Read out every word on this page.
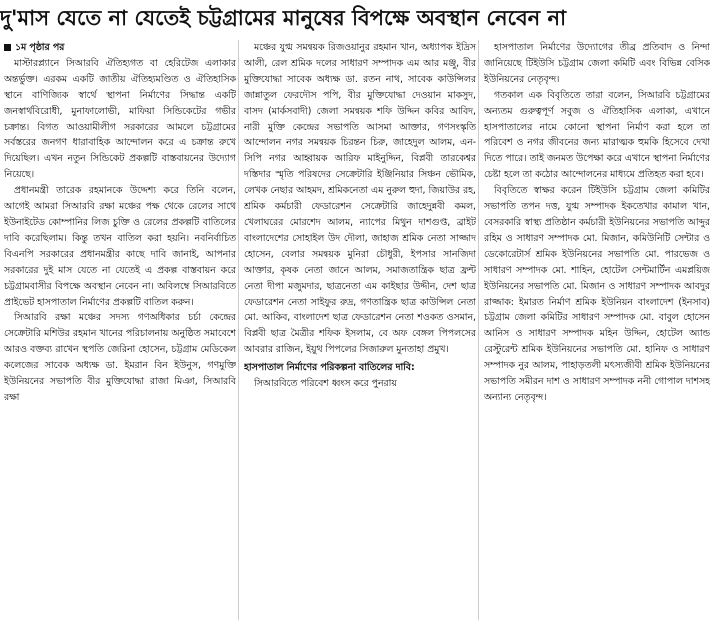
দু'মাস যেতে না যেতেই চট্টগ্রামের মানুষের বিপক্ষে অবস্থান নেবেন না

১ম পৃষ্ঠার পর

মাস্টারপ্ল্যানে সিআরবি ঐতিহ্যগত বা হেরিটেজ এলাকার অন্তর্ভুক্ত। এরকম একটি জাতীয় ঐতিহ্যমণ্ডিত ও ঐতিহাসিক স্থানে বাণিজ্যিক স্বার্থে স্থাপনা নির্মাণের সিদ্ধান্ত একটি জনস্বার্থবিরোধী, মুনাফালোভী, মাফিয়া সিন্ডিকেটের গভীর চক্রান্ত। বিগত আওয়ামীলীগ সরকারের আমলে চট্টগ্রামের সর্বস্তরের জনগণ ধারাবাহিক আন্দোলন করে এ চক্রান্ত রুখে দিয়েছিল। এখন নতুন সিন্ডিকেট প্রকল্পটি বাস্তবায়নের উদ্যোগ নিয়েছে।

প্রধানমন্ত্রী তারেক রহমানকে উদ্দেশ্য করে তিনি বলেন, আগেই আমরা সিআরবি রক্ষা মঞ্চের পক্ষ থেকে রেলের সাথে ইউনাইটেড কোম্পানির লিজ চুক্তি ও রেলের প্রকল্পটি বাতিলের দাবি করেছিলাম। কিন্তু তখন বাতিল করা হয়নি। নবনির্বাচিত বিএনপি সরকারের প্রধানমন্ত্রীর কাছে দাবি জানাই, আপনার সরকারের দুই মাস যেতে না যেতেই এ প্রকল্প বাস্তবায়ন করে চট্টগ্রামবাসীর বিপক্ষে অবস্থান নেবেন না। অবিলম্বে সিআরবিতে প্রাইভেট হাসপাতাল নির্মাণের প্রকল্পটি বাতিল করুন।

সিআরবি রক্ষা মঞ্চের সদস্য গণঅধিকার চর্চা কেন্দ্রের সেক্রেটারি মশিউর রহমান খানের পরিচালনায় অনুষ্ঠিত সমাবেশে আরও বক্তব্য রাখেন স্থপতি জেরিনা হোসেন, চট্টগ্রাম মেডিকেল কলেজের সাবেক অধ্যক্ষ ডা. ইমরান বিন ইউনুস, গণমুক্তি ইউনিয়নের সভাপতি বীর মুক্তিযোদ্ধা রাজা মিঞা, সিআরবি রক্ষা

মঞ্চের যুগ্ম সমন্বয়ক রিজওয়ানুর রহমান খান, অধ্যাপক ইদ্রিস আলী, রেল শ্রমিক দলের সাধারণ সম্পাদক এম আর মঞ্জু, বীর মুক্তিযোদ্ধা সাবেক অধ্যক্ষ ডা. রতন নাথ, সাবেক কাউন্সিলর জান্নাতুল ফেরদৌস পপি, বীর মুক্তিযোদ্ধা দেওয়ান মাকসুদ, বাসদ (মার্কসবাদী) জেলা সমন্বয়ক শফি উদ্দিন কবির আবিদ, নারী মুক্তি কেন্দ্রের সভাপতি আসমা আক্তার, গণসংস্কৃতি আন্দোলন নগর সমন্বয়ক চিরন্তন চিরু, জাহেদুল আলম, এন-সিপি নগর আহ্বায়ক আরিফ মাইনুদ্দিন, বিপ্লবী তারকেশ্বর দস্তিদার স্মৃতি পরিষদের সেক্রেটারি ইঞ্জিনিয়ার সিঞ্চন ভৌমিক, লেখক নেছার আহমদ, শ্রমিকনেতা এম নুরুল হুদা, জিয়াউর রহ, শ্রমিক কর্মচারী ফেডারেশন সেক্রেটারি জাহেদুন্নবী কমল, খেলাঘরের মোরশেদ আলম, ন্যাপের মিথুন দাশগুপ্ত, ব্রাইট বাংলাদেশের সোহাইল উদ দৌলা, জাহাজ শ্রমিক নেতা সাজ্জাদ হোসেন, বেলার সমন্বয়ক মুনিরা চৌধুরী, ইপসার সানজিদা আক্তার, কৃষক নেতা জানে আলম, সমাজতান্ত্রিক ছাত্র ফ্রন্ট নেতা দীপা মজুমদার, ছাত্রনেতা এম কাইছার উদ্দীন, দেশ ছাত্র ফেডারেশন নেতা সাইফুর রুদ্র, গণতান্ত্রিক ছাত্র কাউন্সিল নেতা মো. আকিব, বাংলাদেশ ছাত্র ফেডারেশন নেতা শওকত ওসমান, বিপ্লবী ছাত্র মৈত্রীর শফিক ইসলাম, বে অফ বেঙ্গল পিপলসের আবরার রাজিন, ইয়ুথ পিপলের সিজারুল মুনতাহা প্রমুখ।

হাসপাতাল নির্মাণের পরিকল্পনা বাতিলের দাবি:

সিআরবিতে পরিবেশ ধ্বংস করে পুনরায়

হাসপাতাল নির্মাণের উদ্যোগের তীব্র প্রতিবাদ ও নিন্দা জানিয়েছে টিইউসি চট্টগ্রাম জেলা কমিটি এবং বিভিন্ন বেসিক ইউনিয়নের নেতৃবৃন্দ।

গতকাল এক বিবৃতিতে তারা বলেন, সিআরবি চট্টগ্রামের অন্যতম গুরুত্বপূর্ণ সবুজ ও ঐতিহাসিক এলাকা, এখানে হাসপাতালের নামে কোনো স্থাপনা নির্মাণ করা হলে তা পরিবেশ ও নগর জীবনের জন্য মারাত্মক হুমকি হিসেবে দেখা দিতে পারে। তাই জনমত উপেক্ষা করে এখানে স্থাপনা নির্মাণের চেষ্টা হলে তা কঠোর আন্দোলনের মাধ্যমে প্রতিহত করা হবে।

বিবৃতিতে স্বাক্ষর করেন টিইউসি চট্টগ্রাম জেলা কমিটির সভাপতি তপন দত্ত, যুগ্ম সম্পাদক ইকতেখার কামাল খান, বেসরকারি স্বাস্থ্য প্রতিষ্ঠান কর্মচারী ইউনিয়নের সভাপতি আব্দুর রহিম ও সাধারণ সম্পাদক মো. মিজান, কমিউনিটি সেন্টার ও ডেকোরেটার্স শ্রমিক ইউনিয়নের সভাপতি মো. পারভেজ ও সাধারণ সম্পাদক মো. শাহিন, হোটেল সেন্টমার্টিন এমপ্লয়িজ ইউনিয়নের সভাপতি মো. মিজান ও সাধারণ সম্পাদক আবদুর রাজ্জাক: ইমারত নির্মাণ শ্রমিক ইউনিয়ন বাংলাদেশ (ইনসাব) চট্টগ্রাম জেলা কমিটির সাধারণ সম্পাদক মো. বাবুল হোসেন আনিস ও সাধারণ সম্পাদক মহিন উদ্দিন, হোটেল অ্যান্ড রেস্টুরেন্ট শ্রমিক ইউনিয়নের সভাপতি মো. হানিফ ও সাধারণ সম্পাদক নুর আলম, পাহাড়তলী মৎস্যজীবী শ্রমিক ইউনিয়নের সভাপতি সমীরন দাশ ও সাধারণ সম্পাদক ননী গোপাল দাশসহ অন্যান্য নেতৃবৃন্দ।
